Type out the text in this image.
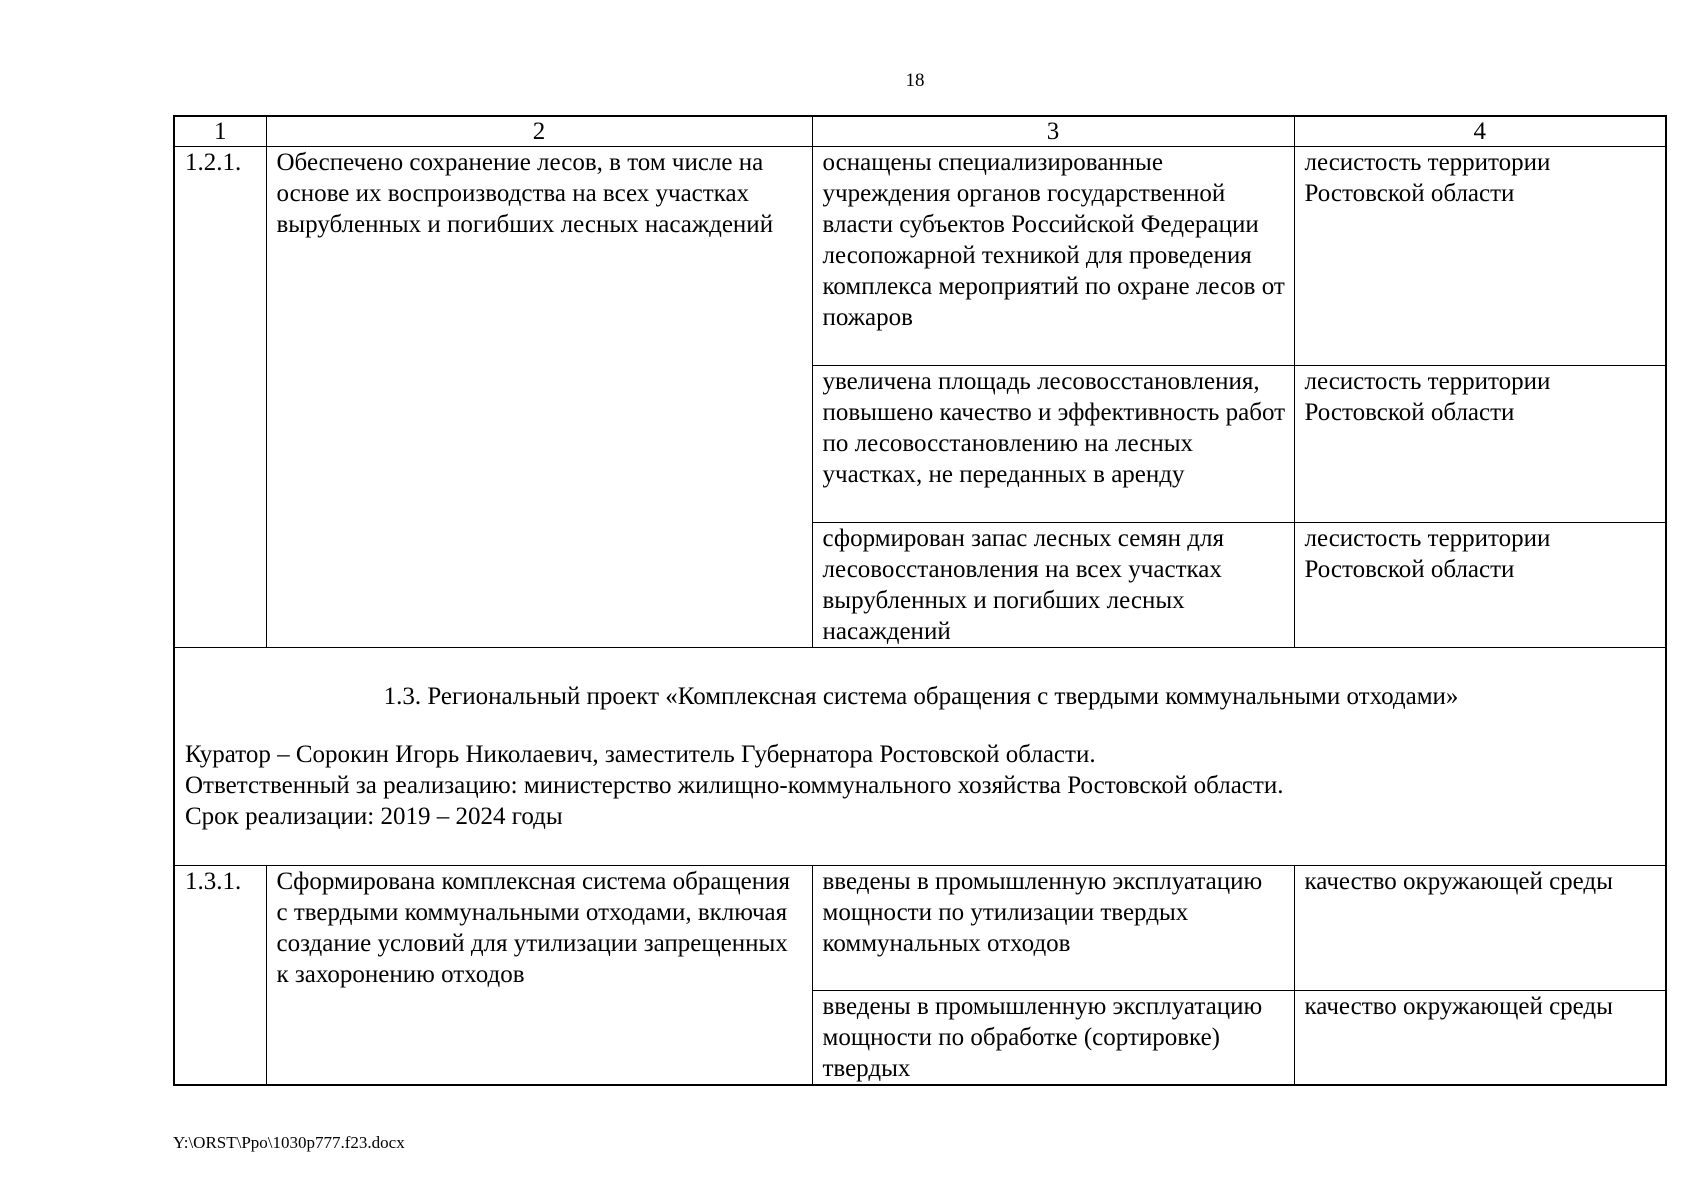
18
1	2	3	4
1.2.1.	Обеспечено сохранение лесов, в том числе на основе их воспроизводства на всех участках вырубленных и погибших лесных насаждений	оснащены специализированные учреждения органов государственной власти субъектов Российской Федерации лесопожарной техникой для проведения комплекса мероприятий по охране лесов от пожаров	лесистость территории Ростовской области
		увеличена площадь лесовосстановления, повышено качество и эффективность работ по лесовосстановлению на лесных участках, не переданных в аренду	лесистость территории Ростовской области
		сформирован запас лесных семян для лесовосстановления на всех участках вырубленных и погибших лесных насаждений	лесистость территории Ростовской области

1.3. Региональный проект «Комплексная система обращения с твердыми коммунальными отходами»
Куратор – Сорокин Игорь Николаевич, заместитель Губернатора Ростовской области.
Ответственный за реализацию: министерство жилищно-коммунального хозяйства Ростовской области.
Срок реализации: 2019 – 2024 годы			

1.3.1.	Сформирована комплексная система обращения с твердыми коммунальными отходами, включая создание условий для утилизации запрещенных к захоронению отходов	введены в промышленную эксплуатацию мощности по утилизации твердых коммунальных отходов	качество окружающей среды
		введены в промышленную эксплуатацию мощности по обработке (сортировке) твердых	качество окружающей среды
Y:\ORST\Ppo\1030p777.f23.docx
